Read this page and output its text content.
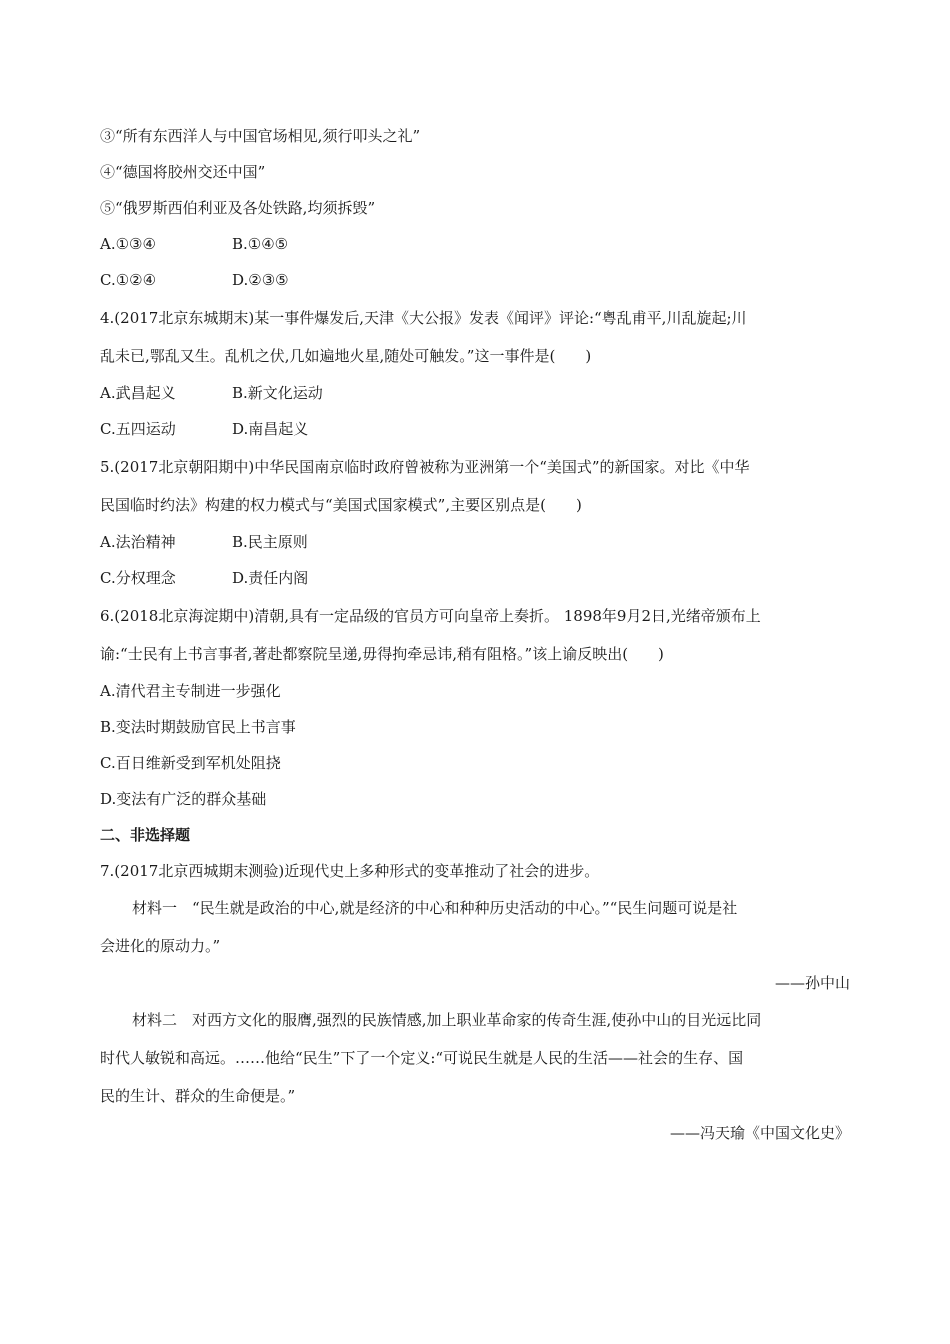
③“所有东西洋人与中国官场相见,须行叩头之礼”
④“德国将胶州交还中国”
⑤“俄罗斯西伯利亚及各处铁路,均须拆毁”
A.①③④	B.①④⑤
C.①②④	D.②③⑤
4.(2017北京东城期末)某一事件爆发后,天津《大公报》发表《闻评》评论:“粤乱甫平,川乱旋起;川
乱未已,鄂乱又生。乱机之伏,几如遍地火星,随处可触发。”这一事件是(　　)
A.武昌起义	B.新文化运动
C.五四运动	D.南昌起义
5.(2017北京朝阳期中)中华民国南京临时政府曾被称为亚洲第一个“美国式”的新国家。对比《中华
民国临时约法》构建的权力模式与“美国式国家模式”,主要区别点是(　　)
A.法治精神	B.民主原则
C.分权理念	D.责任内阁
6.(2018北京海淀期中)清朝,具有一定品级的官员方可向皇帝上奏折。 1898年9月2日,光绪帝颁布上
谕:“士民有上书言事者,著赴都察院呈递,毋得拘牵忌讳,稍有阻格。”该上谕反映出(　　)
A.清代君主专制进一步强化
B.变法时期鼓励官民上书言事
C.百日维新受到军机处阻挠
D.变法有广泛的群众基础
二、非选择题
7.(2017北京西城期末测验)近现代史上多种形式的变革推动了社会的进步。
材料一　“民生就是政治的中心,就是经济的中心和种种历史活动的中心。”“民生问题可说是社
会进化的原动力。”
——孙中山
材料二　对西方文化的服膺,强烈的民族情感,加上职业革命家的传奇生涯,使孙中山的目光远比同
时代人敏锐和高远。……他给“民生”下了一个定义:“可说民生就是人民的生活——社会的生存、国
民的生计、群众的生命便是。”
——冯天瑜《中国文化史》
